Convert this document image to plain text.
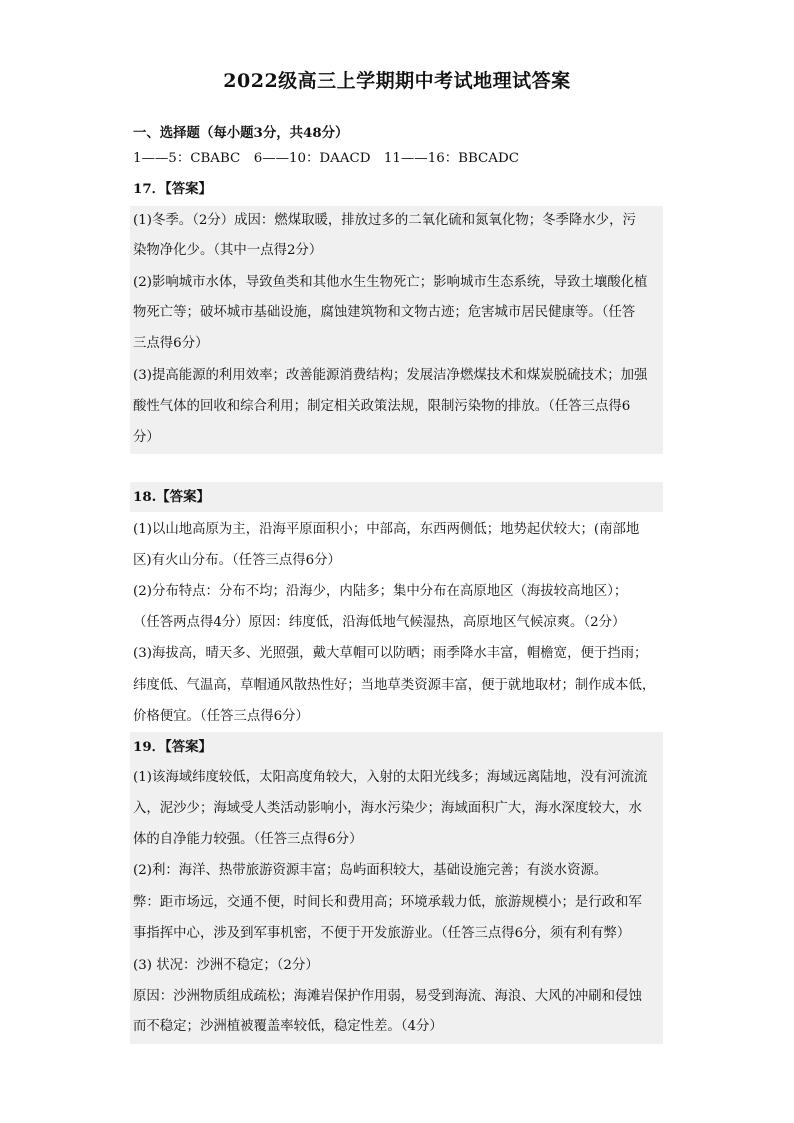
2022级高三上学期期中考试地理试答案
一、选择题（每小题3分，共48分）
1——5：CBABC　6——10：DAACD　11——16：BBCADC
17．【答案】
(1)冬季。（2分）成因：燃煤取暖，排放过多的二氧化硫和氮氧化物；冬季降水少，污
染物净化少。（其中一点得2分）
(2)影响城市水体，导致鱼类和其他水生生物死亡；影响城市生态系统，导致土壤酸化植
物死亡等；破坏城市基础设施，腐蚀建筑物和文物古迹；危害城市居民健康等。（任答
三点得6分）
(3)提高能源的利用效率；改善能源消费结构；发展洁净燃煤技术和煤炭脱硫技术；加强
酸性气体的回收和综合利用；制定相关政策法规，限制污染物的排放。（任答三点得6
分）
18.【答案】
(1)以山地高原为主，沿海平原面积小；中部高，东西两侧低；地势起伏较大；(南部地
区)有火山分布。（任答三点得6分）
(2)分布特点：分布不均；沿海少，内陆多；集中分布在高原地区（海拔较高地区）；
（任答两点得4分）原因：纬度低，沿海低地气候湿热，高原地区气候凉爽。（2分）
(3)海拔高，晴天多、光照强，戴大草帽可以防晒；雨季降水丰富，帽檐宽，便于挡雨；
纬度低、气温高，草帽通风散热性好；当地草类资源丰富，便于就地取材；制作成本低，
价格便宜。（任答三点得6分）
19．【答案】
(1)该海域纬度较低，太阳高度角较大，入射的太阳光线多；海域远离陆地，没有河流流
入，泥沙少；海域受人类活动影响小，海水污染少；海域面积广大，海水深度较大，水
体的自净能力较强。（任答三点得6分）
(2)利：海洋、热带旅游资源丰富；岛屿面积较大，基础设施完善；有淡水资源。
弊：距市场远，交通不便，时间长和费用高；环境承载力低，旅游规模小；是行政和军
事指挥中心，涉及到军事机密，不便于开发旅游业。（任答三点得6分，须有利有弊）
(3) 状况：沙洲不稳定；（2分）
原因：沙洲物质组成疏松；海滩岩保护作用弱，易受到海流、海浪、大风的冲刷和侵蚀
而不稳定；沙洲植被覆盖率较低，稳定性差。（4分）
